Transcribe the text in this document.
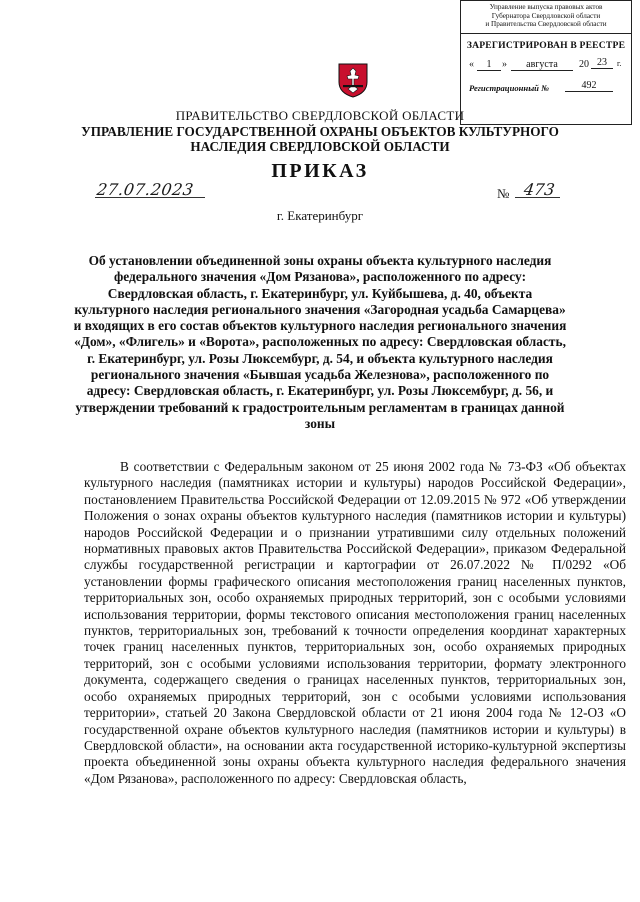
Управление выпуска правовых актов
Губернатора Свердловской области
и Правительства Свердловской области
ЗАРЕГИСТРИРОВАН В РЕЕСТРЕ
«	1	»	августа	20 23	г.
Регистрационный №	492
ПРАВИТЕЛЬСТВО СВЕРДЛОВСКОЙ ОБЛАСТИ
УПРАВЛЕНИЕ ГОСУДАРСТВЕННОЙ ОХРАНЫ ОБЪЕКТОВ КУЛЬТУРНОГО НАСЛЕДИЯ СВЕРДЛОВСКОЙ ОБЛАСТИ
ПРИКАЗ
27.07.2023	№ 473
г. Екатеринбург
Об установлении объединенной зоны охраны объекта культурного наследия федерального значения «Дом Рязанова», расположенного по адресу: Свердловская область, г. Екатеринбург, ул. Куйбышева, д. 40, объекта культурного наследия регионального значения «Загородная усадьба Самарцева» и входящих в его состав объектов культурного наследия регионального значения «Дом», «Флигель» и «Ворота», расположенных по адресу: Свердловская область, г. Екатеринбург, ул. Розы Люксембург, д. 54, и объекта культурного наследия регионального значения «Бывшая усадьба Железнова», расположенного по адресу: Свердловская область, г. Екатеринбург, ул. Розы Люксембург, д. 56, и утверждении требований к градостроительным регламентам в границах данной зоны

В соответствии с Федеральным законом от 25 июня 2002 года № 73-ФЗ «Об объектах культурного наследия (памятниках истории и культуры) народов Российской Федерации», постановлением Правительства Российской Федерации от 12.09.2015 № 972 «Об утверждении Положения о зонах охраны объектов культурного наследия (памятников истории и культуры) народов Российской Федерации и о признании утратившими силу отдельных положений нормативных правовых актов Правительства Российской Федерации», приказом Федеральной службы государственной регистрации и картографии от 26.07.2022 № П/0292 «Об установлении формы графического описания местоположения границ населенных пунктов, территориальных зон, особо охраняемых природных территорий, зон с особыми условиями использования территории, формы текстового описания местоположения границ населенных пунктов, территориальных зон, требований к точности определения координат характерных точек границ населенных пунктов, территориальных зон, особо охраняемых природных территорий, зон с особыми условиями использования территории, формату электронного документа, содержащего сведения о границах населенных пунктов, территориальных зон, особо охраняемых природных территорий, зон с особыми условиями использования территории», статьей 20 Закона Свердловской области от 21 июня 2004 года № 12-ОЗ «О государственной охране объектов культурного наследия (памятников истории и культуры) в Свердловской области», на основании акта государственной историко-культурной экспертизы проекта объединенной зоны охраны объекта культурного наследия федерального значения «Дом Рязанова», расположенного по адресу: Свердловская область,
